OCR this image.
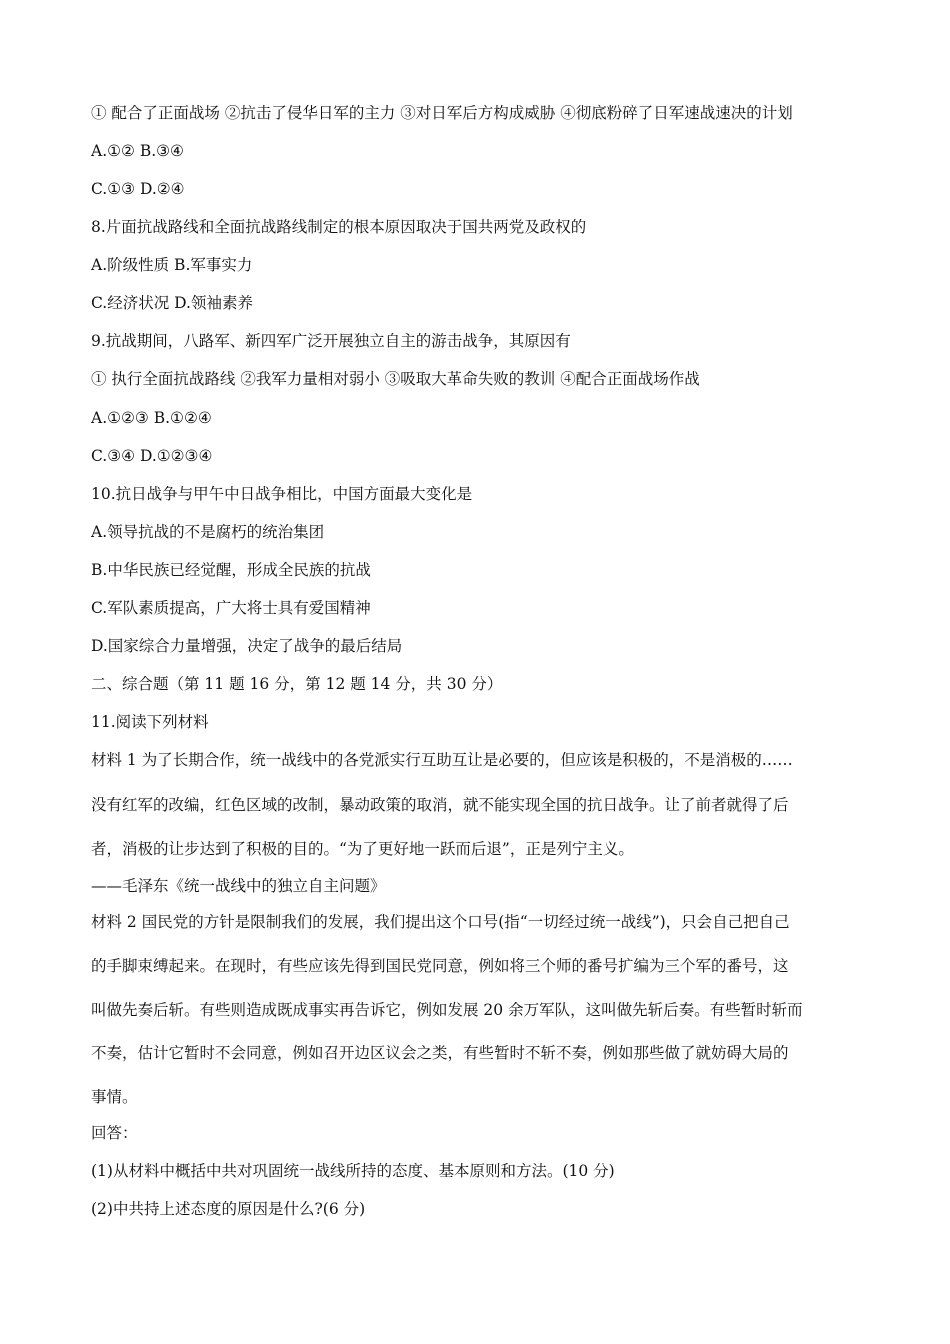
① 配合了正面战场 ②抗击了侵华日军的主力 ③对日军后方构成威胁 ④彻底粉碎了日军速战速决的计划
A.①② B.③④
C.①③ D.②④
8.片面抗战路线和全面抗战路线制定的根本原因取决于国共两党及政权的
A.阶级性质 B.军事实力
C.经济状况 D.领袖素养
9.抗战期间，八路军、新四军广泛开展独立自主的游击战争，其原因有
① 执行全面抗战路线 ②我军力量相对弱小 ③吸取大革命失败的教训 ④配合正面战场作战
A.①②③ B.①②④
C.③④ D.①②③④
10.抗日战争与甲午中日战争相比，中国方面最大变化是
A.领导抗战的不是腐朽的统治集团
B.中华民族已经觉醒，形成全民族的抗战
C.军队素质提高，广大将士具有爱国精神
D.国家综合力量增强，决定了战争的最后结局
二、综合题（第 11 题 16 分，第 12 题 14 分，共 30 分）
11.阅读下列材料
材料 1 为了长期合作，统一战线中的各党派实行互助互让是必要的，但应该是积极的，不是消极的……
没有红军的改编，红色区域的改制，暴动政策的取消，就不能实现全国的抗日战争。让了前者就得了后
者，消极的让步达到了积极的目的。“为了更好地一跃而后退”，正是列宁主义。
——毛泽东《统一战线中的独立自主问题》
材料 2 国民党的方针是限制我们的发展，我们提出这个口号(指“一切经过统一战线”)，只会自己把自己
的手脚束缚起来。在现时，有些应该先得到国民党同意，例如将三个师的番号扩编为三个军的番号，这
叫做先奏后斩。有些则造成既成事实再告诉它，例如发展 20 余万军队，这叫做先斩后奏。有些暂时斩而
不奏，估计它暂时不会同意，例如召开边区议会之类，有些暂时不斩不奏，例如那些做了就妨碍大局的
事情。
回答：
(1)从材料中概括中共对巩固统一战线所持的态度、基本原则和方法。(10 分)
(2)中共持上述态度的原因是什么?(6 分)
